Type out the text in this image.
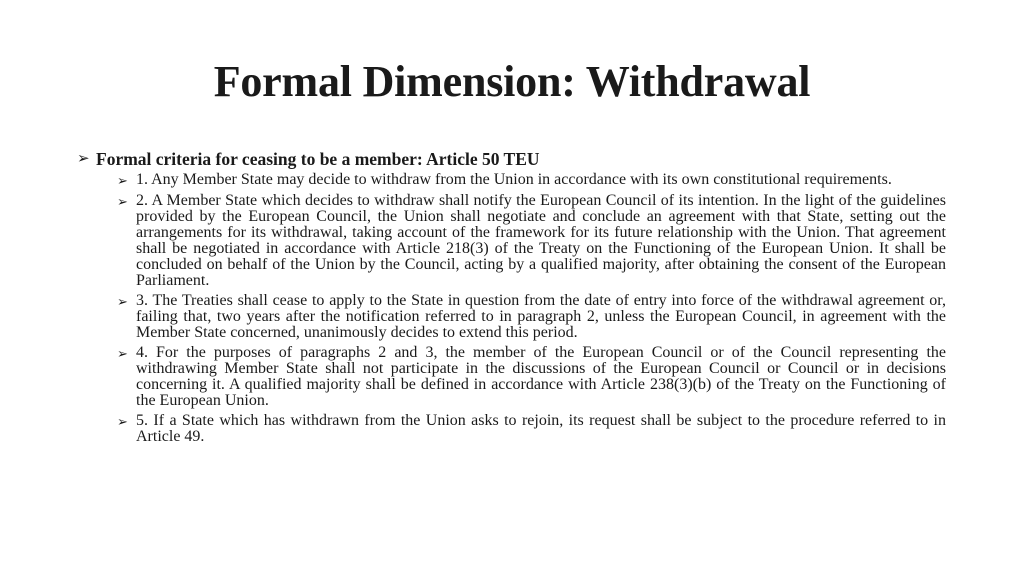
Formal Dimension: Withdrawal
➢ Formal criteria for ceasing to be a member: Article 50 TEU
➢ 1. Any Member State may decide to withdraw from the Union in accordance with its own constitutional requirements.
➢ 2. A Member State which decides to withdraw shall notify the European Council of its intention. In the light of the guidelines provided by the European Council, the Union shall negotiate and conclude an agreement with that State, setting out the arrangements for its withdrawal, taking account of the framework for its future relationship with the Union. That agreement shall be negotiated in accordance with Article 218(3) of the Treaty on the Functioning of the European Union. It shall be concluded on behalf of the Union by the Council, acting by a qualified majority, after obtaining the consent of the European Parliament.
➢ 3. The Treaties shall cease to apply to the State in question from the date of entry into force of the withdrawal agreement or, failing that, two years after the notification referred to in paragraph 2, unless the European Council, in agreement with the Member State concerned, unanimously decides to extend this period.
➢ 4. For the purposes of paragraphs 2 and 3, the member of the European Council or of the Council representing the withdrawing Member State shall not participate in the discussions of the European Council or Council or in decisions concerning it. A qualified majority shall be defined in accordance with Article 238(3)(b) of the Treaty on the Functioning of the European Union.
➢ 5. If a State which has withdrawn from the Union asks to rejoin, its request shall be subject to the procedure referred to in Article 49.
